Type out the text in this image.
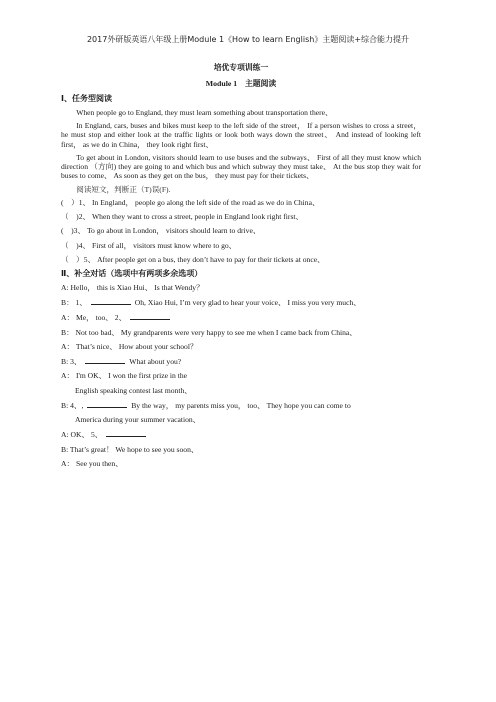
2017外研版英语八年级上册Module 1《How to learn English》主题阅读+综合能力提升
培优专项训练一
Module 1　主题阅读
Ⅰ、任务型阅读

When people go to England, they must learn something about transportation there、

In England, cars, buses and bikes must keep to the left side of the street， If a person wishes to cross a street， he must stop and either look at the traffic lights or look both ways down the street、 And instead of looking left first， as we do in China， they look right first、

To get about in London, visitors should learn to use buses and the subways、 First of all they must know which direction （方向) they are going to and which bus and which subway they must take、 At the bus stop they wait for buses to come、 As soon as they get on the bus， they must pay for their tickets、

阅读短文，判断正（T)误(F).

(　）1、 In England， people go along the left side of the road as we do in China、
（　)2、 When they want to cross a street, people in England look right first、
(　)3、 To go about in London， visitors should learn to drive、
（　)4、 First of all， visitors must know where to go、
（　）5、 After people get on a bus, they don’t have to pay for their tickets at once、
Ⅱ、补全对话（选项中有两项多余选项）
A: Hello， this is Xiao Hui、 Is that Wendy？
B： 1、	Oh, Xiao Hui, I’m very glad to hear your voice、 I miss you very much、
A： Me， too、 2、
B： Not too bad、 My grandparents were very happy to see me when I came back from China、
A： That’s nice、 How about your school？
B: 3、	What about you?
A： I'm OK、 I won the first prize in the
English speaking contest last month、
B: 4、,	By the way， my parents miss you， too、 They hope you can come to
America during your summer vacation、
A: OK、 5、
B: That’s great！ We hope to see you soon、
A： See you then、
